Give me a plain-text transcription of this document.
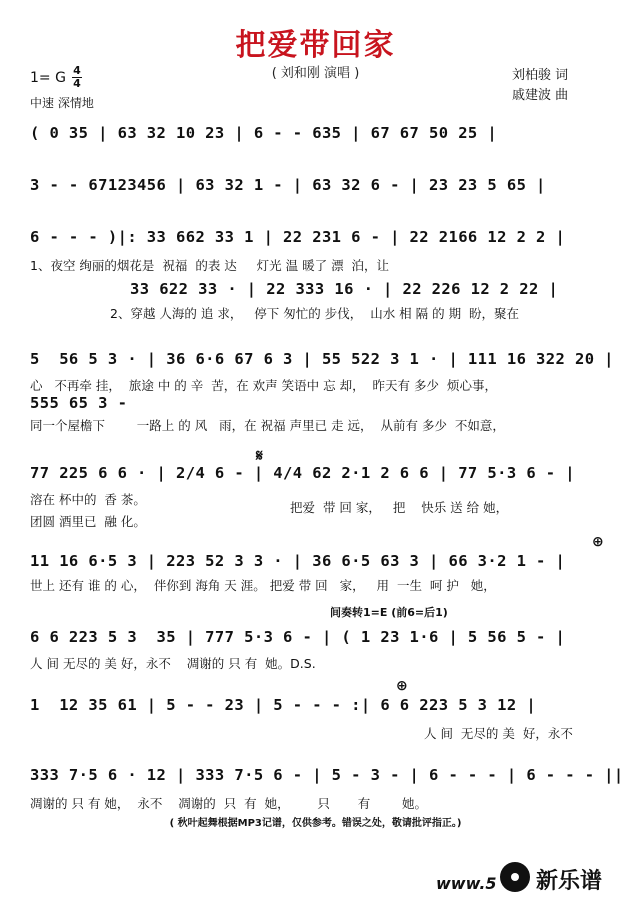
把爱带回家
( 刘和刚 演唱 )
1= G 4
4
中速 深情地
刘柏骏 词
戚建波 曲
( 0 35 | 63 32 10 23 | 6 - - 635 | 67 67 50 25 |
3 - - 67123456 | 63 32 1 - | 63 32 6 - | 23 23 5 65 |
6 - - - )|: 33 662 33 1 | 22 231 6 - | 22 2166 12 2 2 |
1、夜空 绚丽的烟花是  祝福  的表 达     灯光 温 暖了 漂  泊，让
33 622 33 · | 22 333 16 · | 22 226 12 2 22 |
2、穿越 人海的 追 求，   停下 匆忙的 步伐，  山水 相 隔 的 期  盼，聚在
5  56 5 3 · | 36 6·6 67 6 3 | 55 522 3 1 · | 111 16 322 20 |
心   不再牵 挂，  旅途 中 的 辛  苦，在 欢声 笑语中 忘 却，  昨天有 多少  烦心事，
555 65 3 -
同一个屋檐下        一路上 的 风   雨，在 祝福 声里已 走 远，  从前有 多少  不如意，
𝄋
77 225 6 6 · | 2/4 6 - | 4/4 62 2·1 2 6 6 | 77 5·3 6 - |
溶在 杯中的  香 茶。
团圆 酒里已  融 化。
把爱  带 回 家，   把    快乐 送 给 她，
⊕
11 16 6·5 3 | 223 52 3 3 · | 36 6·5 63 3 | 66 3·2 1 - |
世上 还有 谁 的 心，  伴你到 海角 天 涯。 把爱 带 回   家，   用  一生  呵 护   她，
间奏转1=E (前6=后1)
6 6 223 5 3  35 | 777 5·3 6 - | ( 1 23 1·6 | 5 56 5 - |
人 间 无尽的 美 好，永不    凋谢的 只 有  她。D.S.
⊕
1  12 35 61 | 5 - - 23 | 5 - - - :| 6 6 223 5 3 12 |
人 间  无尽的 美  好，永不
333 7·5 6 · 12 | 333 7·5 6 - | 5 - 3 - | 6 - - - | 6 - - - ||
凋谢的 只 有 她，  永不    凋谢的  只  有  她，       只       有        她。
( 秋叶起舞根据MP3记谱，仅供参考。错误之处，敬请批评指正。)
www.5 新乐谱
